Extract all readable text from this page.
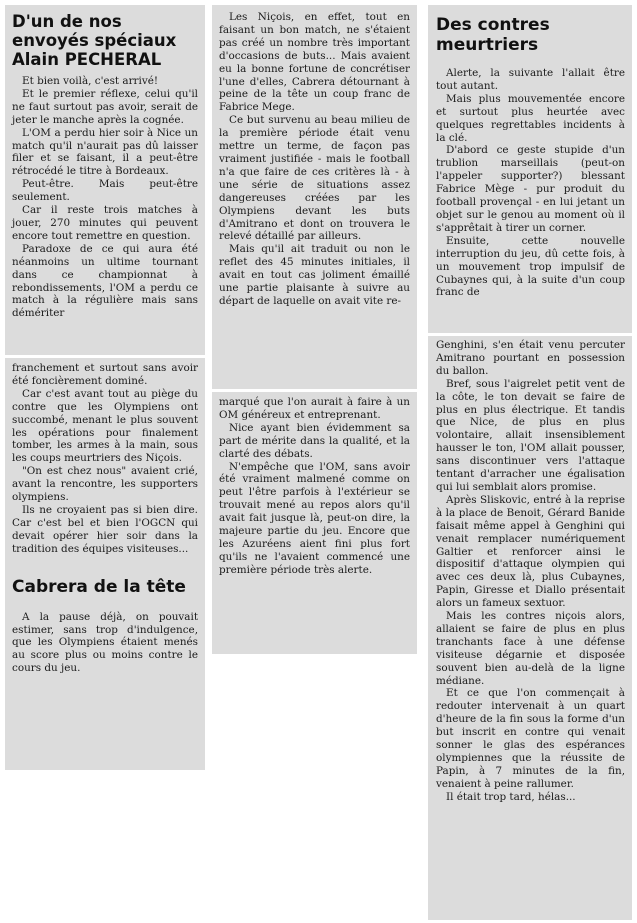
D'un de nos
envoyés spéciaux
Alain PECHERAL

Et bien voilà, c'est arrivé!

Et le premier réflexe, celui qu'il ne faut surtout pas avoir, serait de jeter le manche après la cognée.

L'OM a perdu hier soir à Nice un match qu'il n'aurait pas dû laisser filer et se faisant, il a peut-être rétrocédé le titre à Bordeaux.

Peut-être. Mais peut-être seulement.

Car il reste trois matches à jouer, 270 minutes qui peuvent encore tout remettre en question.

Paradoxe de ce qui aura été néanmoins un ultime tournant dans ce championnat à rebondissements, l'OM a perdu ce match à la régulière mais sans démériter

franchement et surtout sans avoir été foncièrement dominé.

Car c'est avant tout au piège du contre que les Olympiens ont succombé, menant le plus souvent les opérations pour finalement tomber, les armes à la main, sous les coups meurtriers des Niçois.

"On est chez nous" avaient crié, avant la rencontre, les supporters olympiens.

Ils ne croyaient pas si bien dire. Car c'est bel et bien l'OGCN qui devait opérer hier soir dans la tradition des équipes visiteuses...

Cabrera de la tête

A la pause déjà, on pouvait estimer, sans trop d'indulgence, que les Olympiens étaient menés au score plus ou moins contre le cours du jeu.

Les Niçois, en effet, tout en faisant un bon match, ne s'étaient pas créé un nombre très important d'occasions de buts... Mais avaient eu la bonne fortune de concrétiser l'une d'elles, Cabrera détournant à peine de la tête un coup franc de Fabrice Mege.

Ce but survenu au beau milieu de la première période était venu mettre un terme, de façon pas vraiment justifiée - mais le football n'a que faire de ces critères là - à une série de situations assez dangereuses créées par les Olympiens devant les buts d'Amitrano et dont on trouvera le relevé détaillé par ailleurs.

Mais qu'il ait traduit ou non le reflet des 45 minutes initiales, il avait en tout cas joliment émaillé une partie plaisante à suivre au départ de laquelle on avait vite re-

marqué que l'on aurait à faire à un OM généreux et entreprenant.

Nice ayant bien évidemment sa part de mérite dans la qualité, et la clarté des débats.

N'empêche que l'OM, sans avoir été vraiment malmené comme on peut l'être parfois à l'extérieur se trouvait mené au repos alors qu'il avait fait jusque là, peut-on dire, la majeure partie du jeu. Encore que les Azuréens aient fini plus fort qu'ils ne l'avaient commencé une première période très alerte.

Des contres
meurtriers

Alerte, la suivante l'allait être tout autant.

Mais plus mouvementée encore et surtout plus heurtée avec quelques regrettables incidents à la clé.

D'abord ce geste stupide d'un trublion marseillais (peut-on l'appeler supporter?) blessant Fabrice Mège - pur produit du football provençal - en lui jetant un objet sur le genou au moment où il s'apprêtait à tirer un corner.

Ensuite, cette nouvelle interruption du jeu, dû cette fois, à un mouvement trop impulsif de Cubaynes qui, à la suite d'un coup franc de

Genghini, s'en était venu percuter Amitrano pourtant en possession du ballon.

Bref, sous l'aigrelet petit vent de la côte, le ton devait se faire de plus en plus électrique. Et tandis que Nice, de plus en plus volontaire, allait insensiblement hausser le ton, l'OM allait pousser, sans discontinuer vers l'attaque tentant d'arracher une égalisation qui lui semblait alors promise.

Après Sliskovic, entré à la reprise à la place de Benoit, Gérard Banide faisait même appel à Genghini qui venait remplacer numériquement Galtier et renforcer ainsi le dispositif d'attaque olympien qui avec ces deux là, plus Cubaynes, Papin, Giresse et Diallo présentait alors un fameux sextuor.

Mais les contres niçois alors, allaient se faire de plus en plus tranchants face à une défense visiteuse dégarnie et disposée souvent bien au-delà de la ligne médiane.

Et ce que l'on commençait à redouter intervenait à un quart d'heure de la fin sous la forme d'un but inscrit en contre qui venait sonner le glas des espérances olympiennes que la réussite de Papin, à 7 minutes de la fin, venaient à peine rallumer.

Il était trop tard, hélas...
